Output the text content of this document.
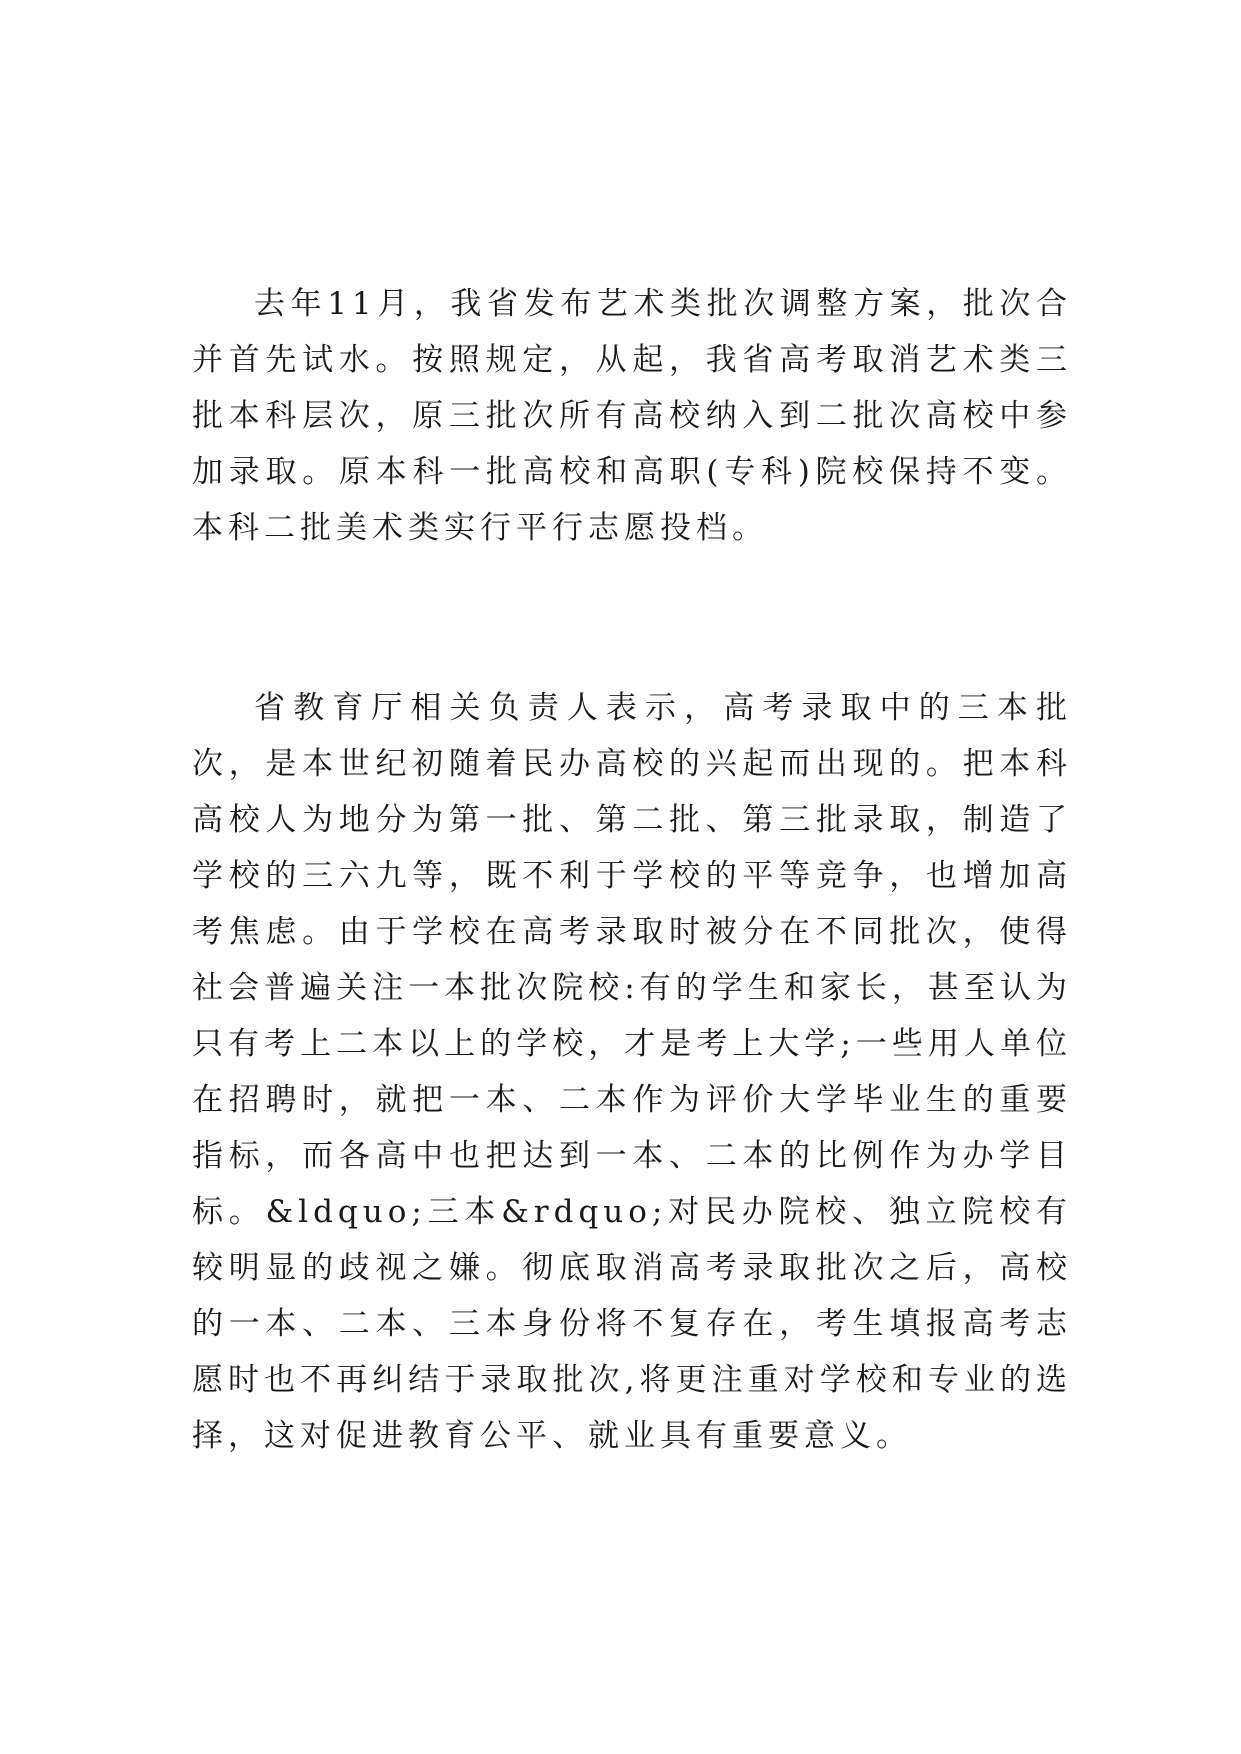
去年11月，我省发布艺术类批次调整方案，批次合并首先试水。按照规定，从起，我省高考取消艺术类三批本科层次，原三批次所有高校纳入到二批次高校中参加录取。原本科一批高校和高职(专科)院校保持不变。本科二批美术类实行平行志愿投档。

省教育厅相关负责人表示，高考录取中的三本批次，是本世纪初随着民办高校的兴起而出现的。把本科高校人为地分为第一批、第二批、第三批录取，制造了学校的三六九等，既不利于学校的平等竞争，也增加高考焦虑。由于学校在高考录取时被分在不同批次，使得社会普遍关注一本批次院校:有的学生和家长，甚至认为只有考上二本以上的学校，才是考上大学;一些用人单位在招聘时，就把一本、二本作为评价大学毕业生的重要指标，而各高中也把达到一本、二本的比例作为办学目标。&ldquo;三本&rdquo;对民办院校、独立院校有较明显的歧视之嫌。彻底取消高考录取批次之后，高校的一本、二本、三本身份将不复存在，考生填报高考志愿时也不再纠结于录取批次,将更注重对学校和专业的选择，这对促进教育公平、就业具有重要意义。
